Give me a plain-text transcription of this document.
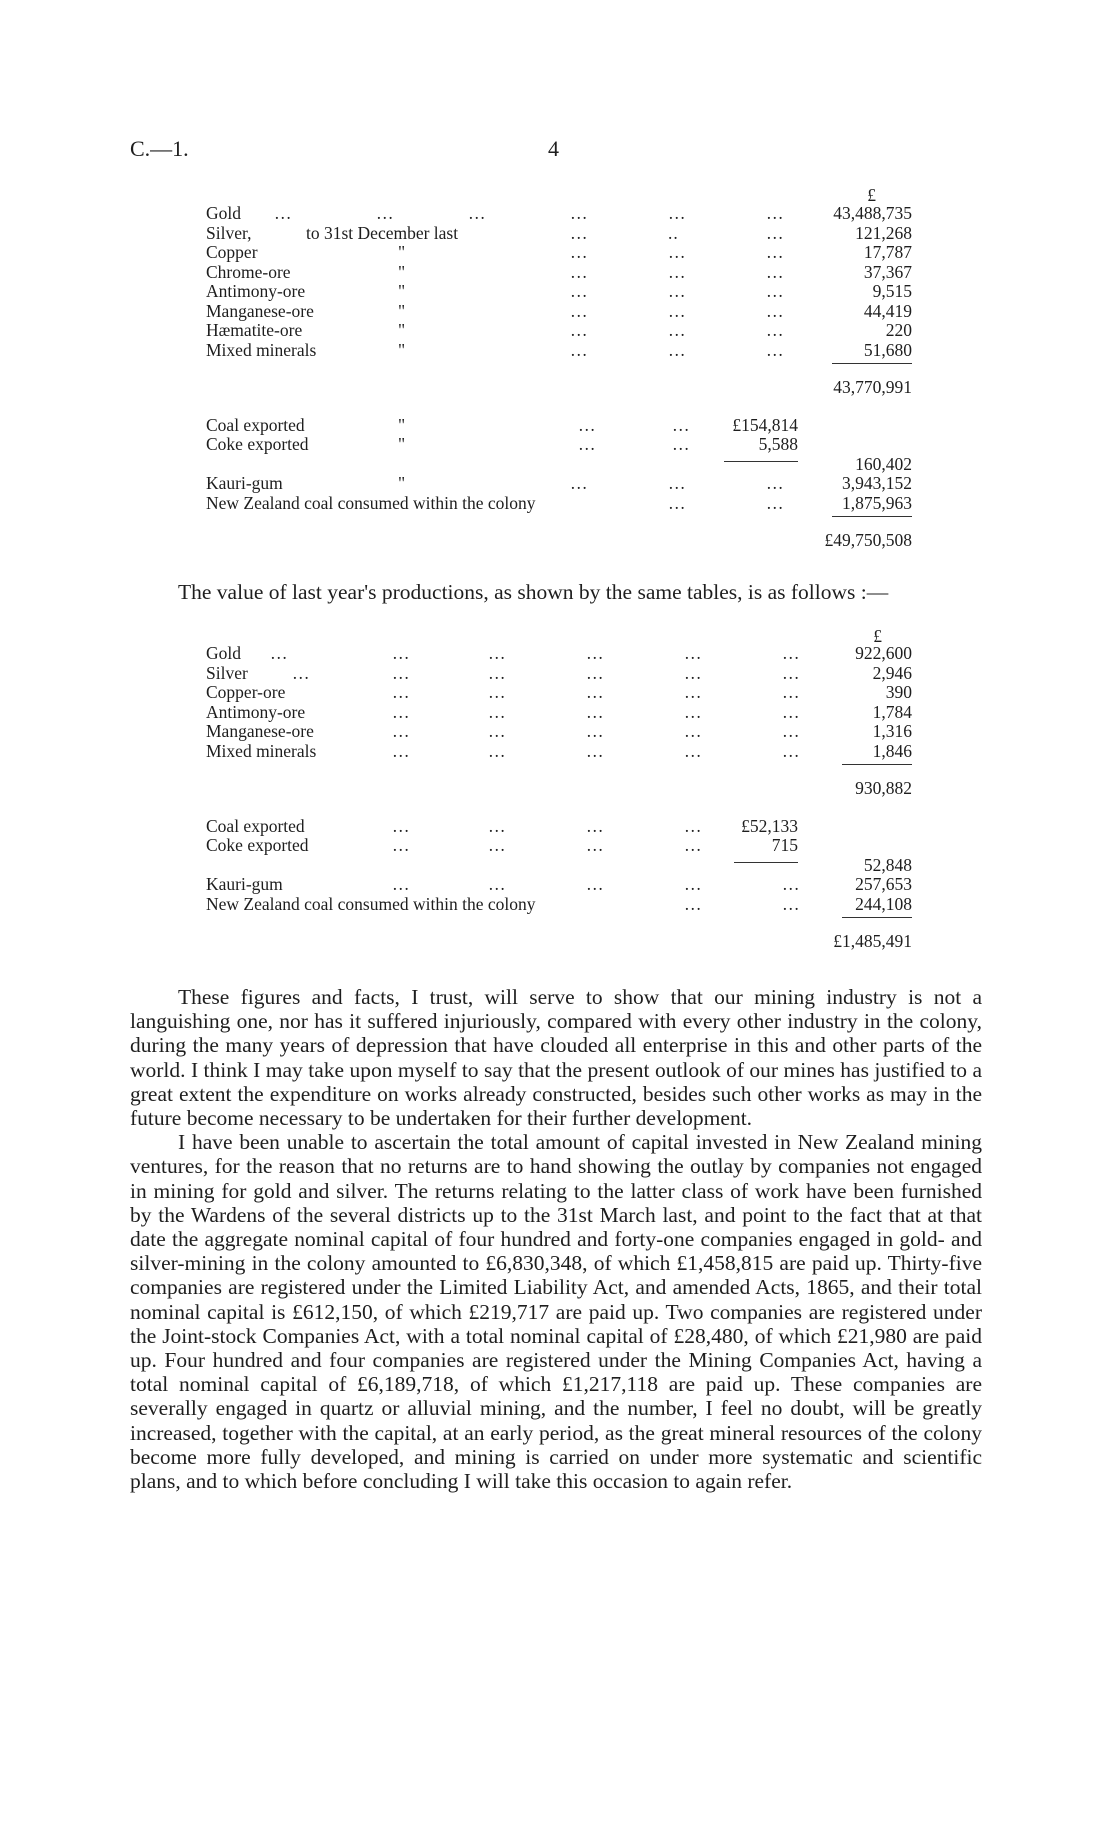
C.—1.	4
£
Gold …	…	…	…	…	…	43,488,735
Silver,	to 31st December last	…	..	…	121,268
Copper	"	…	…	…	17,787
Chrome-ore	"	…	…	…	37,367
Antimony-ore	"	…	…	…	9,515
Manganese-ore	"	…	…	…	44,419
Hæmatite-ore	"	…	…	…	220
Mixed minerals	"	…	…	…	51,680
43,770,991
Coal exported	"	…	… £154,814
Coke exported	"	…	…	5,588
160,402
Kauri-gum	"	…	…	…	3,943,152
New Zealand coal consumed within the colony	…	…	1,875,963
£49,750,508

The value of last year's productions, as shown by the same tables, is as follows :—

£
Gold …	…	…	…	…	…	922,600
Silver	…	…	…	…	…	…	2,946
Copper-ore	…	…	…	…	…	390
Antimony-ore	…	…	…	…	…	1,784
Manganese-ore	…	…	…	…	…	1,316
Mixed minerals	…	…	…	…	…	1,846
930,882
Coal exported	…	…	…	… £52,133
Coke exported	…	…	…	…	715
52,848
Kauri-gum	…	…	…	…	…	257,653
New Zealand coal consumed within the colony	…	…	244,108
£1,485,491

These figures and facts, I trust, will serve to show that our mining industry is not a languishing one, nor has it suffered injuriously, compared with every other industry in the colony, during the many years of depression that have clouded all enterprise in this and other parts of the world. I think I may take upon myself to say that the present outlook of our mines has justified to a great extent the expenditure on works already constructed, besides such other works as may in the future become necessary to be undertaken for their further development.

I have been unable to ascertain the total amount of capital invested in New Zealand mining ventures, for the reason that no returns are to hand showing the outlay by companies not engaged in mining for gold and silver. The returns relating to the latter class of work have been furnished by the Wardens of the several districts up to the 31st March last, and point to the fact that at that date the aggregate nominal capital of four hundred and forty-one companies engaged in gold- and silver-mining in the colony amounted to £6,830,348, of which £1,458,815 are paid up. Thirty-five companies are registered under the Limited Liability Act, and amended Acts, 1865, and their total nominal capital is £612,150, of which £219,717 are paid up. Two companies are registered under the Joint-stock Companies Act, with a total nominal capital of £28,480, of which £21,980 are paid up. Four hundred and four companies are registered under the Mining Companies Act, having a total nominal capital of £6,189,718, of which £1,217,118 are paid up. These companies are severally engaged in quartz or alluvial mining, and the number, I feel no doubt, will be greatly increased, together with the capital, at an early period, as the great mineral resources of the colony become more fully developed, and mining is carried on under more systematic and scientific plans, and to which before concluding I will take this occasion to again refer.
